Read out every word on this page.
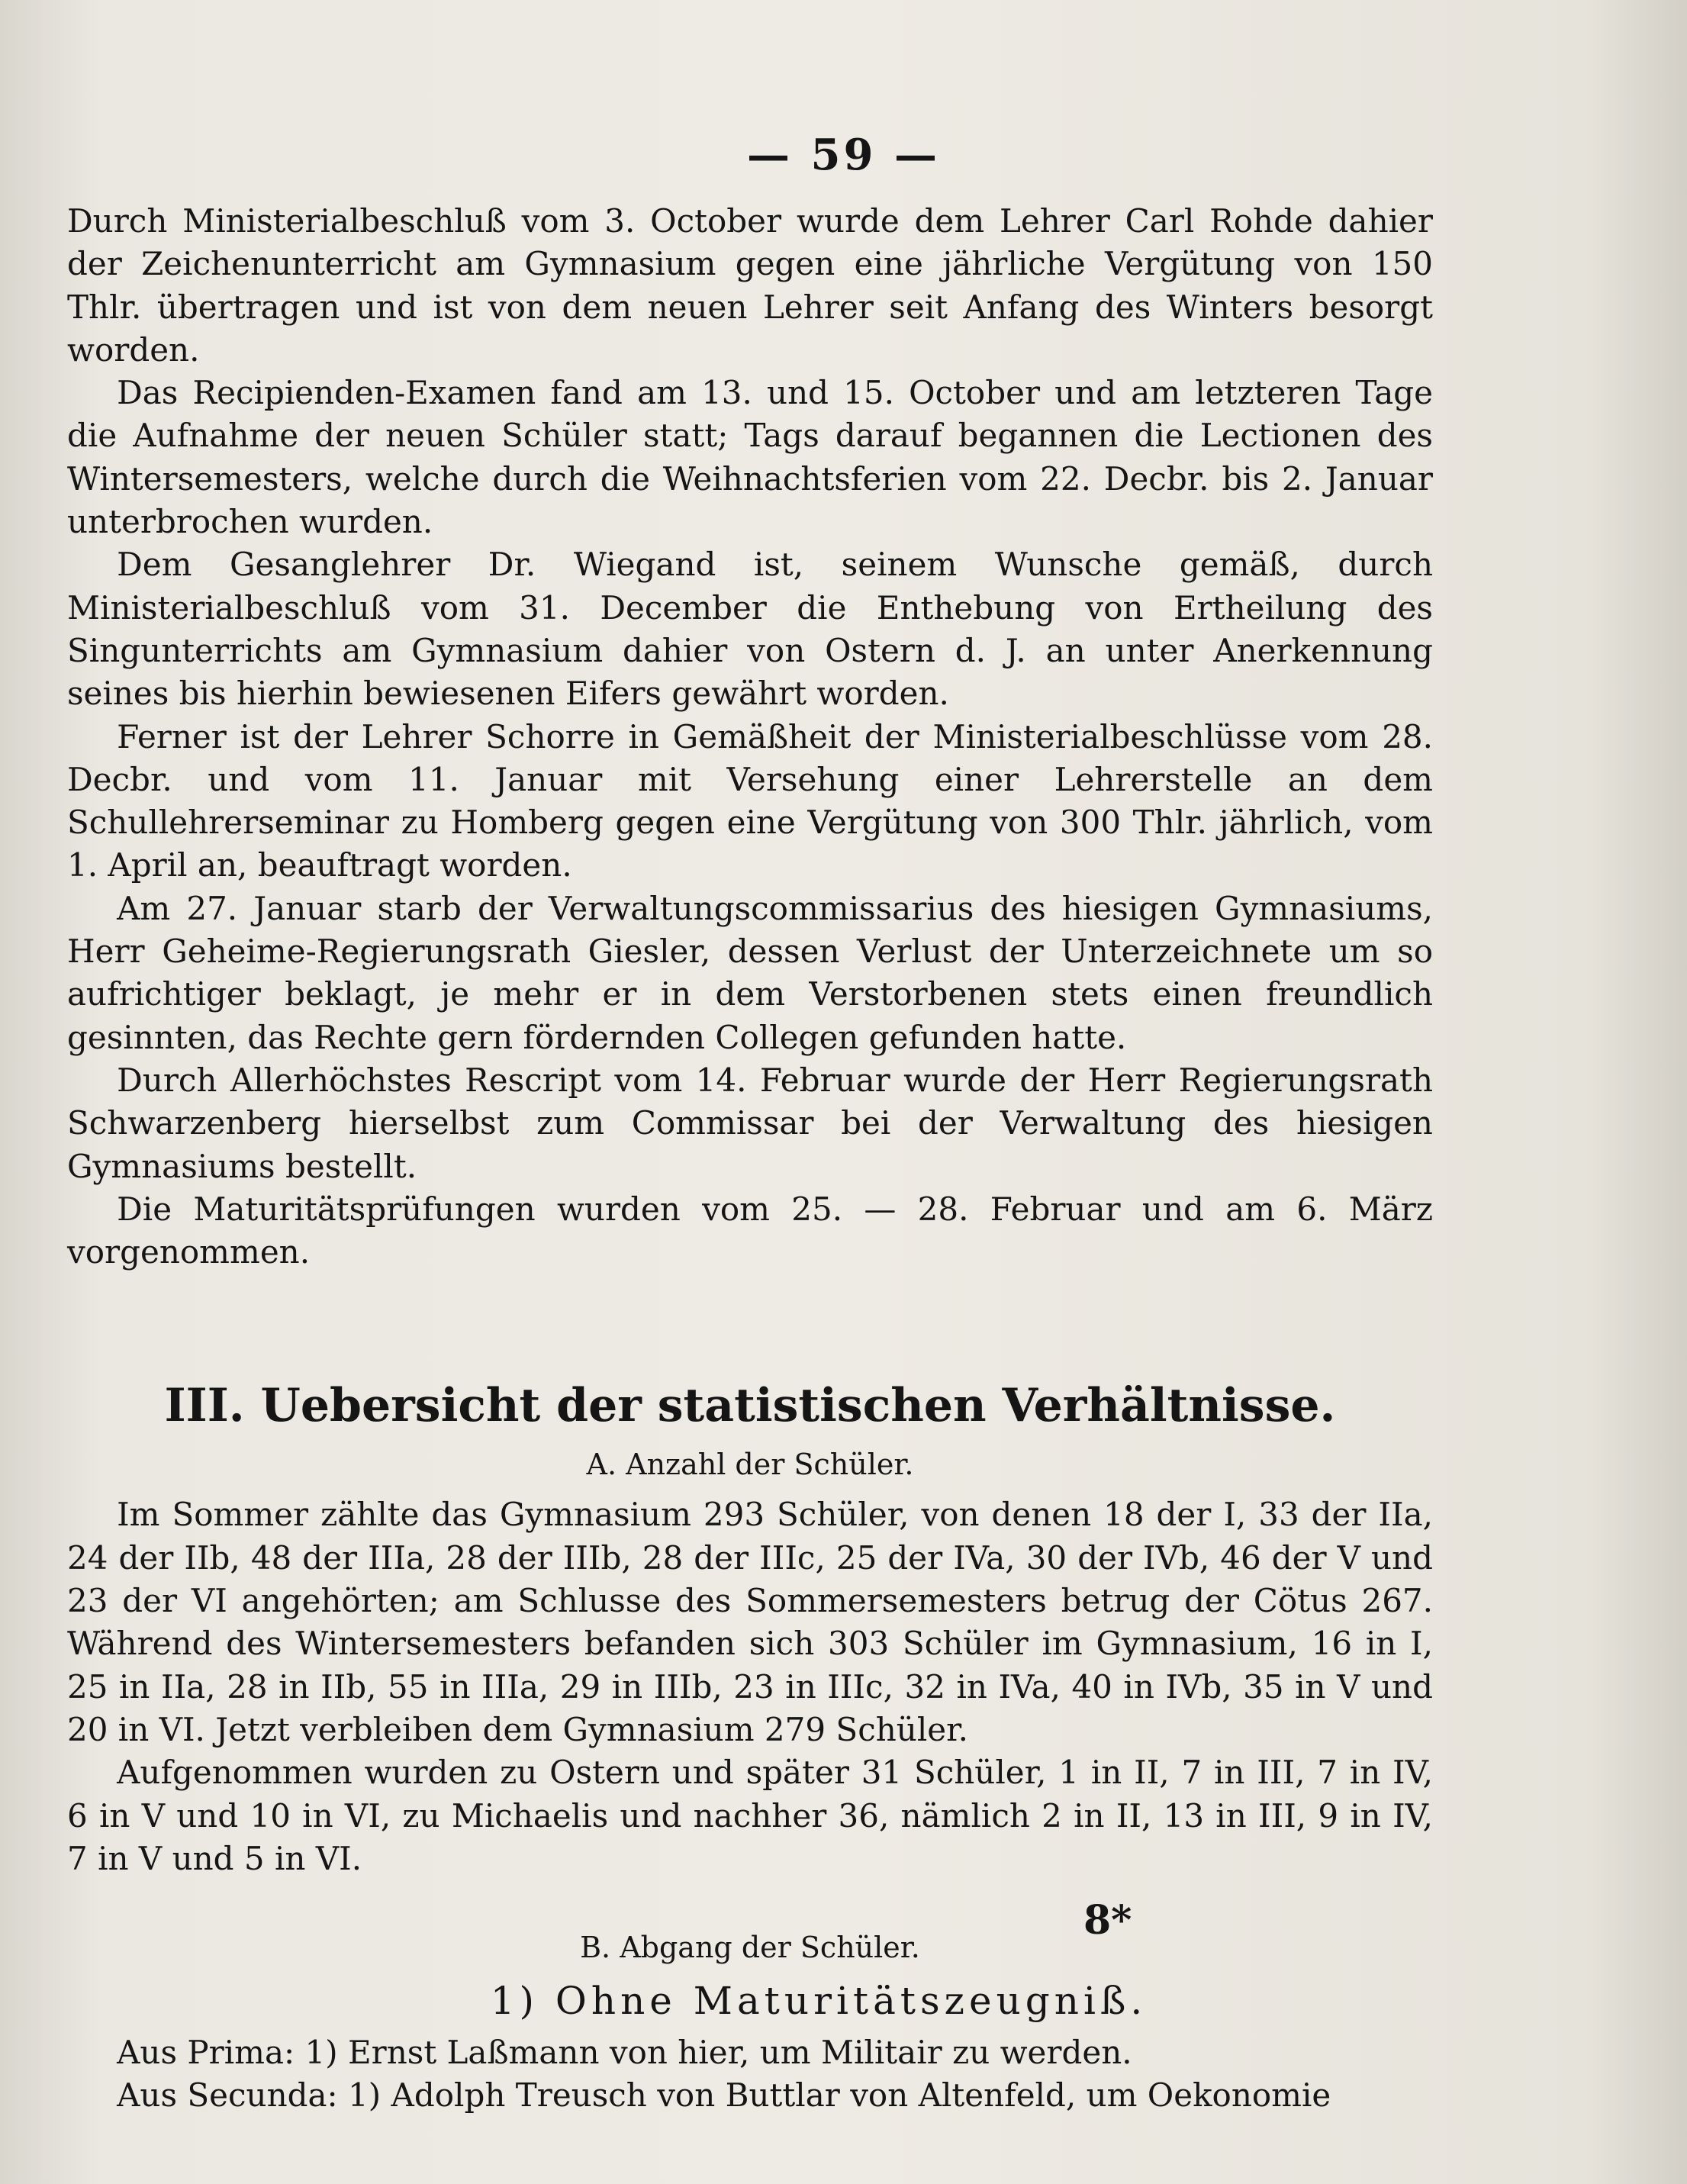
— 59 —

Durch Ministerialbeschluß vom 3. October wurde dem Lehrer Carl Rohde dahier der Zeichenunterricht am Gymnasium gegen eine jährliche Vergütung von 150 Thlr. übertragen und ist von dem neuen Lehrer seit Anfang des Winters besorgt worden.

Das Recipienden-Examen fand am 13. und 15. October und am letzteren Tage die Aufnahme der neuen Schüler statt; Tags darauf begannen die Lectionen des Wintersemesters, welche durch die Weihnachtsferien vom 22. Decbr. bis 2. Januar unterbrochen wurden.

Dem Gesanglehrer Dr. Wiegand ist, seinem Wunsche gemäß, durch Ministerialbeschluß vom 31. December die Enthebung von Ertheilung des Singunterrichts am Gymnasium dahier von Ostern d. J. an unter Anerkennung seines bis hierhin bewiesenen Eifers gewährt worden.

Ferner ist der Lehrer Schorre in Gemäßheit der Ministerialbeschlüsse vom 28. Decbr. und vom 11. Januar mit Versehung einer Lehrerstelle an dem Schullehrerseminar zu Homberg gegen eine Vergütung von 300 Thlr. jährlich, vom 1. April an, beauftragt worden.

Am 27. Januar starb der Verwaltungscommissarius des hiesigen Gymnasiums, Herr Geheime-Regierungsrath Giesler, dessen Verlust der Unterzeichnete um so aufrichtiger beklagt, je mehr er in dem Verstorbenen stets einen freundlich gesinnten, das Rechte gern fördernden Collegen gefunden hatte.

Durch Allerhöchstes Rescript vom 14. Februar wurde der Herr Regierungsrath Schwarzenberg hierselbst zum Commissar bei der Verwaltung des hiesigen Gymnasiums bestellt.

Die Maturitätsprüfungen wurden vom 25. — 28. Februar und am 6. März vorgenommen.

III. Uebersicht der statistischen Verhältnisse.
A. Anzahl der Schüler.

Im Sommer zählte das Gymnasium 293 Schüler, von denen 18 der I, 33 der IIa, 24 der IIb, 48 der IIIa, 28 der IIIb, 28 der IIIc, 25 der IVa, 30 der IVb, 46 der V und 23 der VI angehörten; am Schlusse des Sommersemesters betrug der Cötus 267. Während des Wintersemesters befanden sich 303 Schüler im Gymnasium, 16 in I, 25 in IIa, 28 in IIb, 55 in IIIa, 29 in IIIb, 23 in IIIc, 32 in IVa, 40 in IVb, 35 in V und 20 in VI. Jetzt verbleiben dem Gymnasium 279 Schüler.

Aufgenommen wurden zu Ostern und später 31 Schüler, 1 in II, 7 in III, 7 in IV, 6 in V und 10 in VI, zu Michaelis und nachher 36, nämlich 2 in II, 13 in III, 9 in IV, 7 in V und 5 in VI.

B. Abgang der Schüler.
1) Ohne Maturitätszeugniß.

Aus Prima: 1) Ernst Laßmann von hier, um Militair zu werden.

Aus Secunda: 1) Adolph Treusch von Buttlar von Altenfeld, um Oekonomie

8*
